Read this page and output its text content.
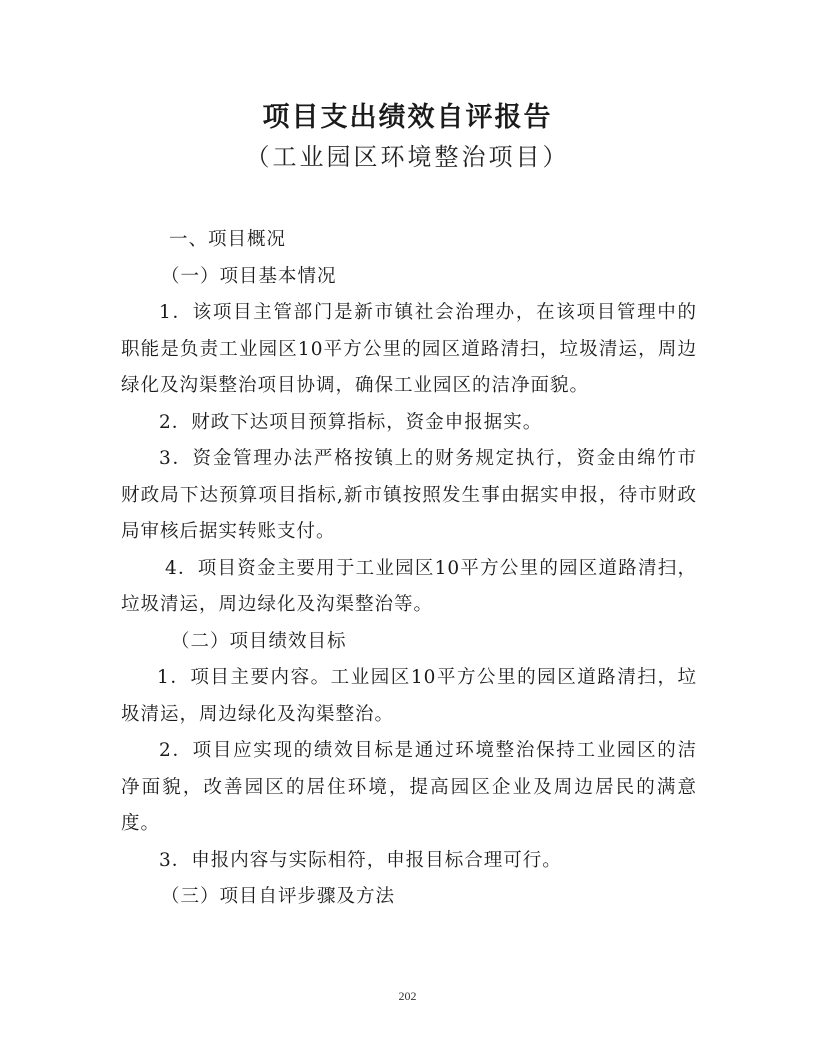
项目支出绩效自评报告
（工业园区环境整治项目）

一、项目概况

（一）项目基本情况

1．该项目主管部门是新市镇社会治理办，在该项目管理中的职能是负责工业园区10平方公里的园区道路清扫，垃圾清运，周边绿化及沟渠整治项目协调，确保工业园区的洁净面貌。

2．财政下达项目预算指标，资金申报据实。

3．资金管理办法严格按镇上的财务规定执行，资金由绵竹市财政局下达预算项目指标,新市镇按照发生事由据实申报，待市财政局审核后据实转账支付。

4．项目资金主要用于工业园区10平方公里的园区道路清扫，垃圾清运，周边绿化及沟渠整治等。

（二）项目绩效目标

1．项目主要内容。工业园区10平方公里的园区道路清扫，垃圾清运，周边绿化及沟渠整治。

2．项目应实现的绩效目标是通过环境整治保持工业园区的洁净面貌，改善园区的居住环境，提高园区企业及周边居民的满意度。

3．申报内容与实际相符，申报目标合理可行。

（三）项目自评步骤及方法

202
